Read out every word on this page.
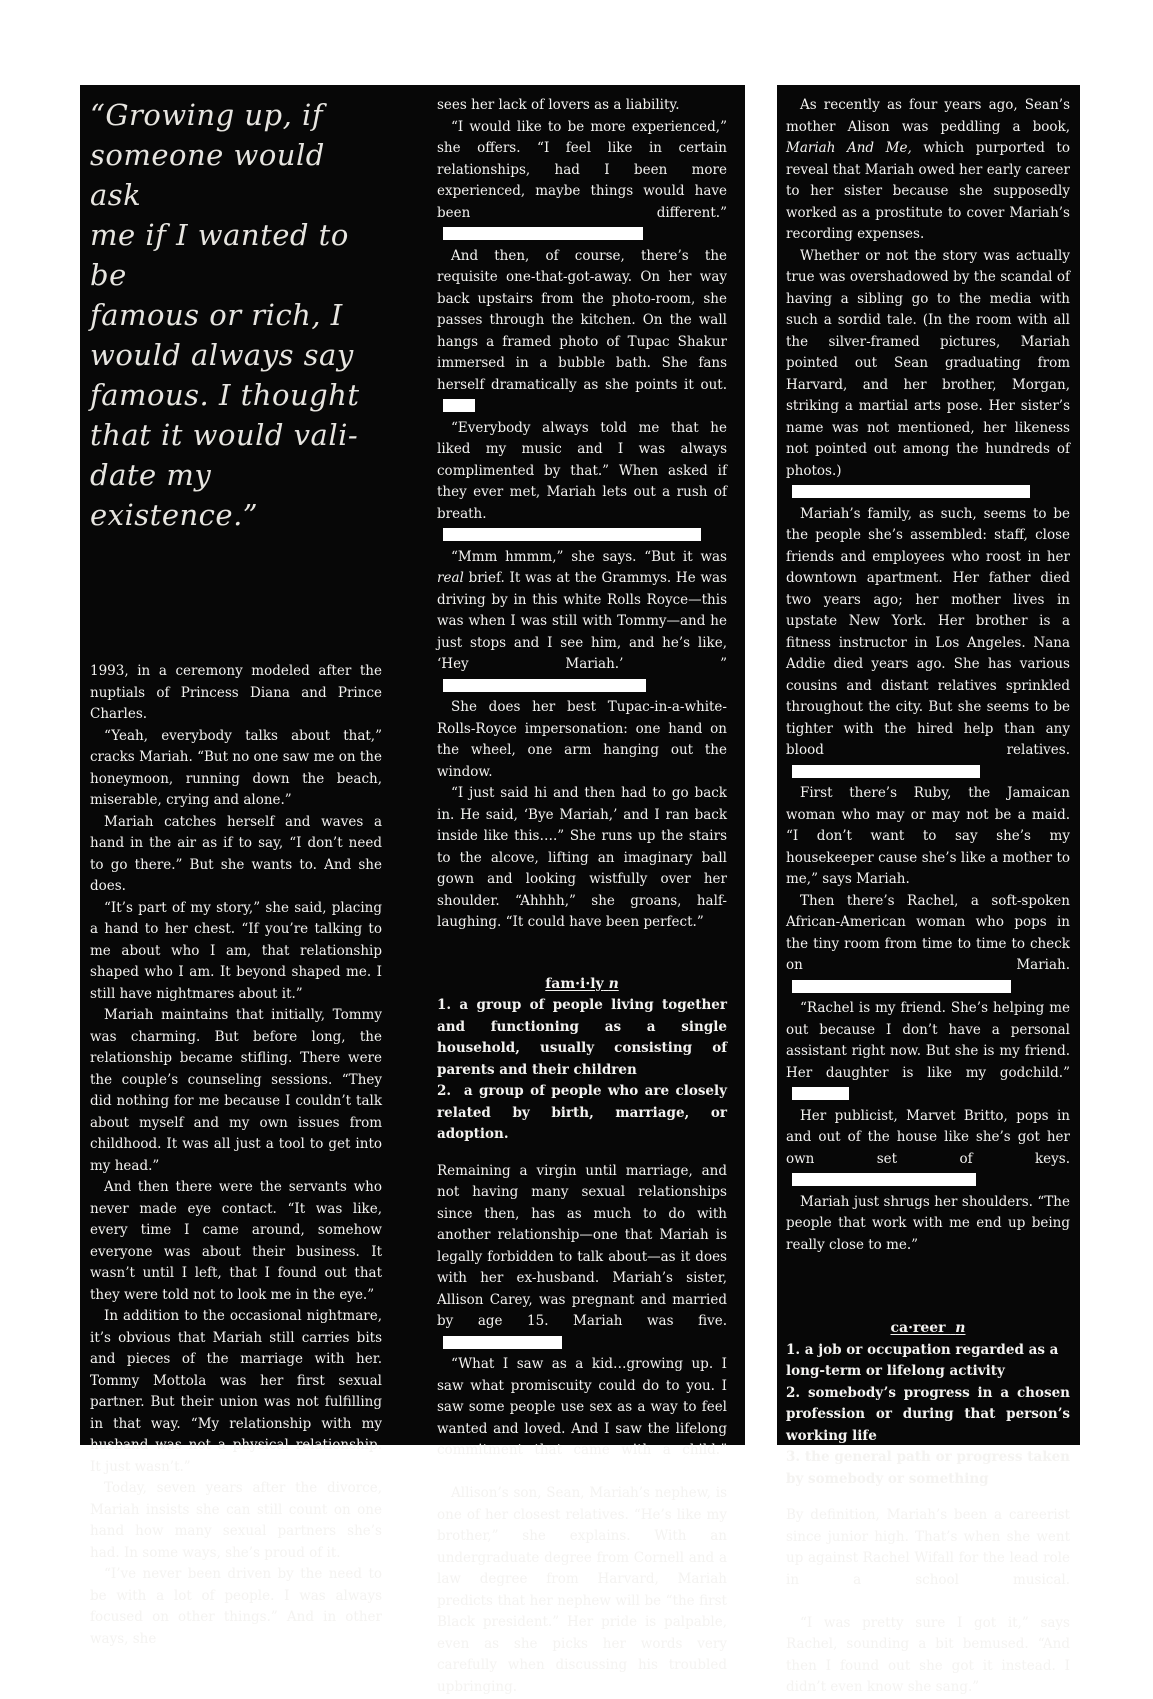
“Growing up, if
someone would ask
me if I wanted to be
famous or rich, I
would always say
famous. I thought
that it would vali-
date my existence.”

1993, in a ceremony modeled after the nuptials of Princess Diana and Prince Charles.

“Yeah, everybody talks about that,” cracks Mariah. “But no one saw me on the honeymoon, running down the beach, miserable, crying and alone.”

Mariah catches herself and waves a hand in the air as if to say, “I don’t need to go there.” But she wants to. And she does.

“It’s part of my story,” she said, placing a hand to her chest. “If you’re talking to me about who I am, that relationship shaped who I am. It beyond shaped me. I still have nightmares about it.”

Mariah maintains that initially, Tommy was charming. But before long, the relationship became stifling. There were the couple’s counseling sessions. “They did nothing for me because I couldn’t talk about myself and my own issues from childhood. It was all just a tool to get into my head.”

And then there were the servants who never made eye contact. “It was like, every time I came around, somehow everyone was about their business. It wasn’t until I left, that I found out that they were told not to look me in the eye.”

In addition to the occasional nightmare, it’s obvious that Mariah still carries bits and pieces of the marriage with her. Tommy Mottola was her first sexual partner. But their union was not fulfilling in that way. “My relationship with my husband was not a physical relationship. It just wasn’t.”

Today, seven years after the divorce, Mariah insists she can still count on one hand how many sexual partners she’s had. In some ways, she’s proud of it.

“I’ve never been driven by the need to be with a lot of people. I was always focused on other things.” And in other ways, she

sees her lack of lovers as a liability.

“I would like to be more experienced,” she offers. “I feel like in certain relationships, had I been more experienced, maybe things would have been different.”

And then, of course, there’s the requisite one-that-got-away. On her way back upstairs from the photo-room, she passes through the kitchen. On the wall hangs a framed photo of Tupac Shakur immersed in a bubble bath. She fans herself dramatically as she points it out.

“Everybody always told me that he liked my music and I was always complimented by that.” When asked if they ever met, Mariah lets out a rush of breath.

“Mmm hmmm,” she says. “But it was real brief. It was at the Grammys. He was driving by in this white Rolls Royce—this was when I was still with Tommy—and he just stops and I see him, and he’s like, ‘Hey Mariah.’ ”

She does her best Tupac-in-a-white-Rolls-Royce impersonation: one hand on the wheel, one arm hanging out the window.

“I just said hi and then had to go back in. He said, ‘Bye Mariah,’ and I ran back inside like this….” She runs up the stairs to the alcove, lifting an imaginary ball gown and looking wistfully over her shoulder. “Ahhhh,” she groans, half-laughing. “It could have been perfect.”

fam·i·ly n

1. a group of people living together and functioning as a single household, usually consisting of parents and their children

2.  a group of people who are closely related by birth, marriage, or adoption.

Remaining a virgin until marriage, and not having many sexual relationships since then, has as much to do with another relationship—one that Mariah is legally forbidden to talk about—as it does with her ex-husband. Mariah’s sister, Allison Carey, was pregnant and married by age 15. Mariah was five.

“What I saw as a kid…growing up. I saw what promiscuity could do to you. I saw some people use sex as a way to feel wanted and loved. And I saw the lifelong commitment that came with a child.”

Allison’s son, Sean, Mariah’s nephew, is one of her closest relatives. “He’s like my brother,” she explains. With an undergraduate degree from Cornell and a law degree from Harvard, Mariah predicts that her nephew will be “the first Black president.” Her pride is palpable, even as she picks her words very carefully when discussing his troubled upbringing.

As recently as four years ago, Sean’s mother Alison was peddling a book, Mariah And Me, which purported to reveal that Mariah owed her early career to her sister because she supposedly worked as a prostitute to cover Mariah’s recording expenses.

Whether or not the story was actually true was overshadowed by the scandal of having a sibling go to the media with such a sordid tale. (In the room with all the silver-framed pictures, Mariah pointed out Sean graduating from Harvard, and her brother, Morgan, striking a martial arts pose. Her sister’s name was not mentioned, her likeness not pointed out among the hundreds of photos.)

Mariah’s family, as such, seems to be the people she’s assembled: staff, close friends and employees who roost in her downtown apartment. Her father died two years ago; her mother lives in upstate New York. Her brother is a fitness instructor in Los Angeles. Nana Addie died years ago. She has various cousins and distant relatives sprinkled throughout the city. But she seems to be tighter with the hired help than any blood relatives.

First there’s Ruby, the Jamaican woman who may or may not be a maid. “I don’t want to say she’s my housekeeper cause she’s like a mother to me,” says Mariah.

Then there’s Rachel, a soft-spoken African-American woman who pops in the tiny room from time to time to check on Mariah.

“Rachel is my friend. She’s helping me out because I don’t have a personal assistant right now. But she is my friend. Her daughter is like my godchild.”

Her publicist, Marvet Britto, pops in and out of the house like she’s got her own set of keys.

Mariah just shrugs her shoulders. “The people that work with me end up being really close to me.”

ca·reer  n

1. a job or occupation regarded as a
long-term or lifelong activity

2. somebody’s progress in a chosen profession or during that person’s working life

3. the general path or progress taken by somebody or something

By definition, Mariah’s been a careerist since junior high. That’s when she went up against Rachel Wifall for the lead role in a school musical.

“I was pretty sure I got it,” says Rachel, sounding a bit bemused. “And then I found out she got it instead. I didn’t even know she sang.”
